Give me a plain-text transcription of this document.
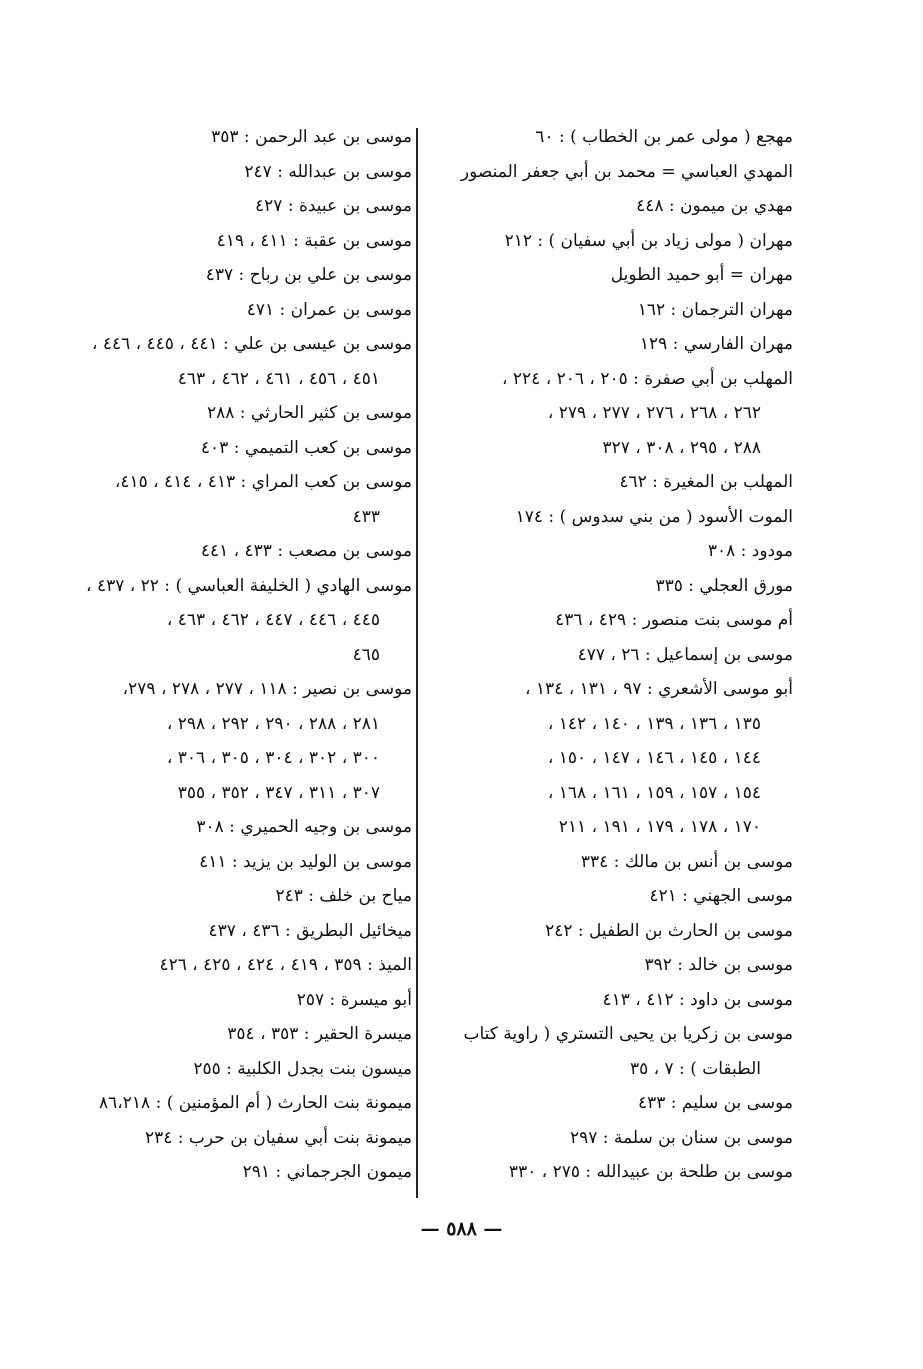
مهجع ( مولى عمر بن الخطاب ) : ٦٠
المهدي العباسي = محمد بن أبي جعفر المنصور
مهدي بن ميمون : ٤٤٨
مهران ( مولى زياد بن أبي سفيان ) : ٢١٢
مهران = أبو حميد الطويل
مهران الترجمان : ١٦٢
مهران الفارسي : ١٢٩
المهلب بن أبي صفرة : ٢٠٥ ، ٢٠٦ ، ٢٢٤ ،
٢٦٢ ، ٢٦٨ ، ٢٧٦ ، ٢٧٧ ، ٢٧٩ ،
٢٨٨ ، ٢٩٥ ، ٣٠٨ ، ٣٢٧
المهلب بن المغيرة : ٤٦٢
الموت الأسود ( من بني سدوس ) : ١٧٤
مودود : ٣٠٨
مورق العجلي : ٣٣٥
أم موسى بنت منصور : ٤٢٩ ، ٤٣٦
موسى بن إسماعيل : ٢٦ ، ٤٧٧
أبو موسى الأشعري : ٩٧ ، ١٣١ ، ١٣٤ ،
١٣٥ ، ١٣٦ ، ١٣٩ ، ١٤٠ ، ١٤٢ ،
١٤٤ ، ١٤٥ ، ١٤٦ ، ١٤٧ ، ١٥٠ ،
١٥٤ ، ١٥٧ ، ١٥٩ ، ١٦١ ، ١٦٨ ،
١٧٠ ، ١٧٨ ، ١٧٩ ، ١٩١ ، ٢١١
موسى بن أنس بن مالك : ٣٣٤
موسى الجهني : ٤٢١
موسى بن الحارث بن الطفيل : ٢٤٢
موسى بن خالد : ٣٩٢
موسى بن داود : ٤١٢ ، ٤١٣
موسى بن زكريا بن يحيى التستري ( راوية كتاب
الطبقات ) : ٧ ، ٣٥
موسى بن سليم : ٤٣٣
موسى بن سنان بن سلمة : ٢٩٧
موسى بن طلحة بن عبيدالله : ٢٧٥ ، ٣٣٠
موسى بن عبد الرحمن : ٣٥٣
موسى بن عبدالله : ٢٤٧
موسى بن عبيدة : ٤٢٧
موسى بن عقبة : ٤١١ ، ٤١٩
موسى بن علي بن رباح : ٤٣٧
موسى بن عمران : ٤٧١
موسى بن عيسى بن علي : ٤٤١ ، ٤٤٥ ، ٤٤٦ ،
٤٥١ ، ٤٥٦ ، ٤٦١ ، ٤٦٢ ، ٤٦٣
موسى بن كثير الحارثي : ٢٨٨
موسى بن كعب التميمي : ٤٠٣
موسى بن كعب المراي : ٤١٣ ، ٤١٤ ، ٤١٥،
٤٣٣
موسى بن مصعب : ٤٣٣ ، ٤٤١
موسى الهادي ( الخليفة العباسي ) : ٢٢ ، ٤٣٧ ،
٤٤٥ ، ٤٤٦ ، ٤٤٧ ، ٤٦٢ ، ٤٦٣ ،
٤٦٥
موسى بن نصير : ١١٨ ، ٢٧٧ ، ٢٧٨ ، ٢٧٩،
٢٨١ ، ٢٨٨ ، ٢٩٠ ، ٢٩٢ ، ٢٩٨ ،
٣٠٠ ، ٣٠٢ ، ٣٠٤ ، ٣٠٥ ، ٣٠٦ ،
٣٠٧ ، ٣١١ ، ٣٤٧ ، ٣٥٢ ، ٣٥٥
موسى بن وجيه الحميري : ٣٠٨
موسى بن الوليد بن يزيد : ٤١١
مياح بن خلف : ٢٤٣
ميخائيل البطريق : ٤٣٦ ، ٤٣٧
الميذ : ٣٥٩ ، ٤١٩ ، ٤٢٤ ، ٤٢٥ ، ٤٢٦
أبو ميسرة : ٢٥٧
ميسرة الحقير : ٣٥٣ ، ٣٥٤
ميسون بنت بجدل الكلبية : ٢٥٥
ميمونة بنت الحارث ( أم المؤمنين ) : ٨٦،٢١٨
ميمونة بنت أبي سفيان بن حرب : ٢٣٤
ميمون الجرجماني : ٢٩١
— ٥٨٨ —
